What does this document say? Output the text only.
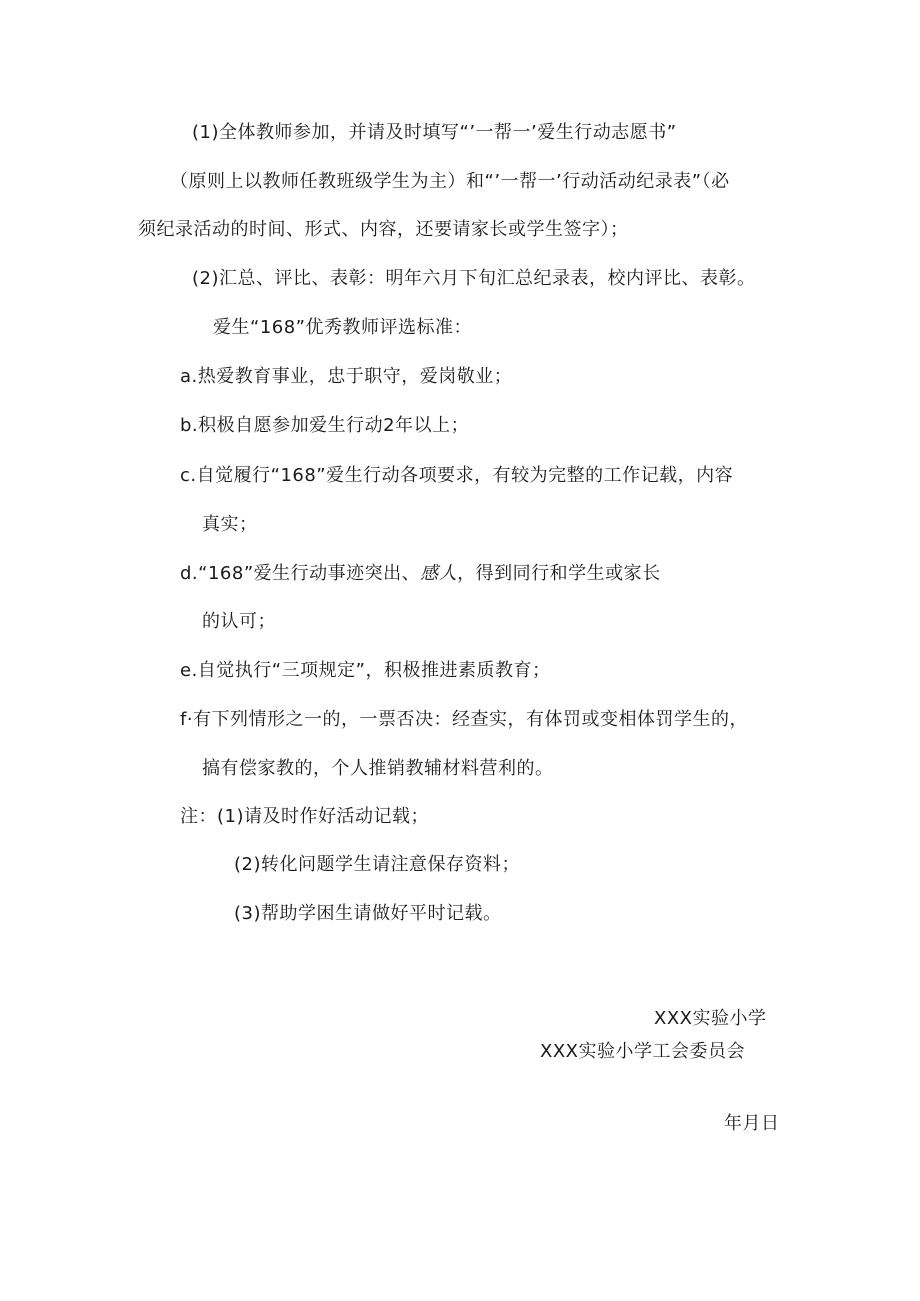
(1)全体教师参加，并请及时填写“’一帮一’爱生行动志愿书”
（原则上以教师任教班级学生为主）和“’一帮一’行动活动纪录表”（必
须纪录活动的时间、形式、内容，还要请家长或学生签字）；
(2)汇总、评比、表彰：明年六月下旬汇总纪录表，校内评比、表彰。
爱生“168”优秀教师评选标准：
a.热爱教育事业，忠于职守，爱岗敬业；
b.积极自愿参加爱生行动2年以上；
c.自觉履行“168”爱生行动各项要求，有较为完整的工作记载，内容
真实；
d.“168”爱生行动事迹突出、感人，得到同行和学生或家长
的认可；
e.自觉执行“三项规定”，积极推进素质教育；
f·有下列情形之一的，一票否决：经查实，有体罚或变相体罚学生的，
搞有偿家教的，个人推销教辅材料营利的。
注：(1)请及时作好活动记载；
(2)转化问题学生请注意保存资料；
(3)帮助学困生请做好平时记载。
XXX实验小学
XXX实验小学工会委员会
年月日
